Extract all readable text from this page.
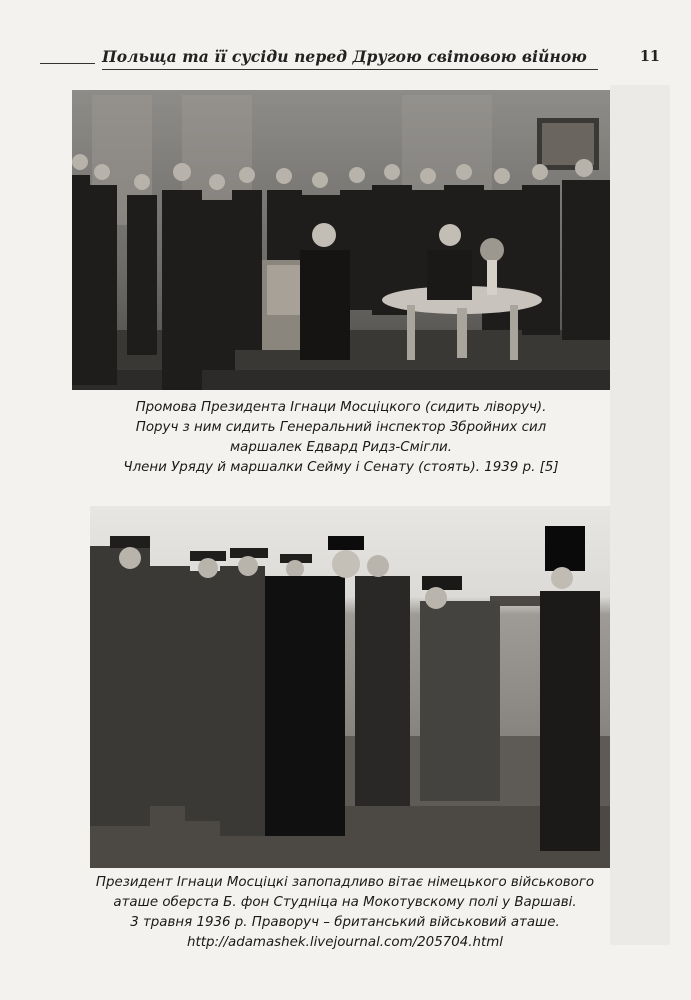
Польща та її сусіди перед Другою світовою війною	11
Промова Президента Ігнаци Мосціцкого (сидить ліворуч).
Поруч з ним сидить Генеральний інспектор Збройних сил
маршалек Едвард Ридз-Смігли.
Члени Уряду й маршалки Сейму і Сенату (стоять). 1939 р. [5]
Президент Ігнаци Мосціцкі запопадливо вітає німецького військового
аташе оберста Б. фон Студніца на Мокотувскому полі у Варшаві.
3 травня 1936 р. Праворуч – британський військовий аташе.
http://adamashek.livejournal.com/205704.html
